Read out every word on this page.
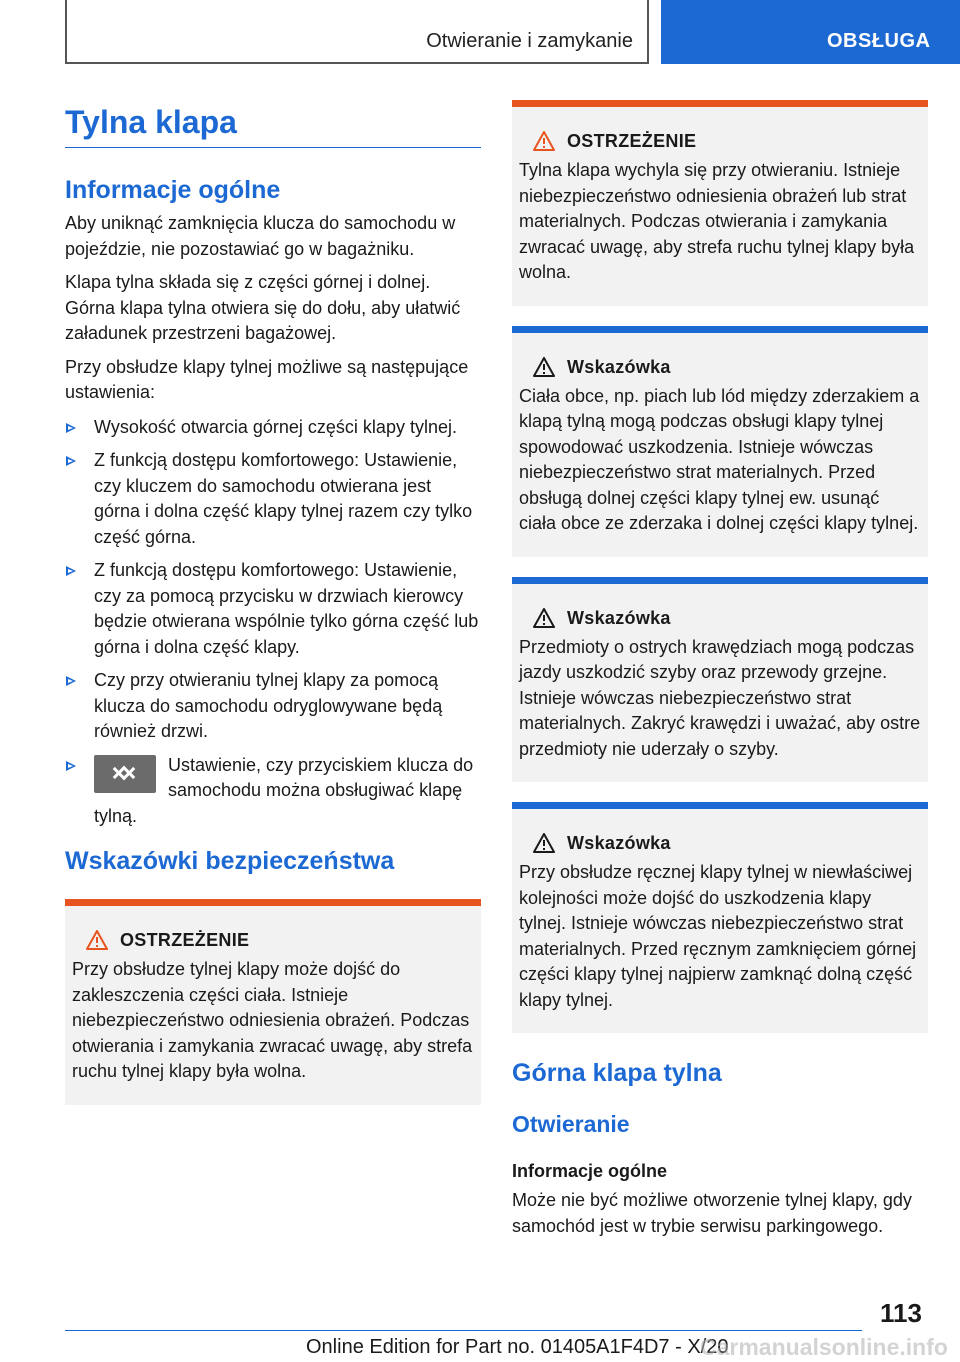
Otwieranie i zamykanie	OBSŁUGA
Tylna klapa
Informacje ogólne

Aby uniknąć zamknięcia klucza do samochodu w pojeździe, nie pozostawiać go w bagażniku.

Klapa tylna składa się z części górnej i dolnej. Górna klapa tylna otwiera się do dołu, aby ułatwić załadunek przestrzeni bagażowej.

Przy obsłudze klapy tylnej możliwe są następujące ustawienia:

Wysokość otwarcia górnej części klapy tylnej.
Z funkcją dostępu komfortowego: Ustawienie, czy kluczem do samochodu otwierana jest górna i dolna część klapy tylnej razem czy tylko część górna.
Z funkcją dostępu komfortowego: Ustawienie, czy za pomocą przycisku w drzwiach kierowcy będzie otwierana wspólnie tylko górna część lub górna i dolna część klapy.
Czy przy otwieraniu tylnej klapy za pomocą klucza do samochodu odryglowywane będą również drzwi.
Ustawienie, czy przyciskiem klucza do samochodu można obsługiwać klapę tylną.
Wskazówki bezpieczeństwa
OSTRZEŻENIE

Przy obsłudze tylnej klapy może dojść do zakleszczenia części ciała. Istnieje niebezpieczeństwo odniesienia obrażeń. Podczas otwierania i zamykania zwracać uwagę, aby strefa ruchu tylnej klapy była wolna.

OSTRZEŻENIE

Tylna klapa wychyla się przy otwieraniu. Istnieje niebezpieczeństwo odniesienia obrażeń lub strat materialnych. Podczas otwierania i zamykania zwracać uwagę, aby strefa ruchu tylnej klapy była wolna.

Wskazówka

Ciała obce, np. piach lub lód między zderzakiem a klapą tylną mogą podczas obsługi klapy tylnej spowodować uszkodzenia. Istnieje wówczas niebezpieczeństwo strat materialnych. Przed obsługą dolnej części klapy tylnej ew. usunąć ciała obce ze zderzaka i dolnej części klapy tylnej.

Wskazówka

Przedmioty o ostrych krawędziach mogą podczas jazdy uszkodzić szyby oraz przewody grzejne. Istnieje wówczas niebezpieczeństwo strat materialnych. Zakryć krawędzi i uważać, aby ostre przedmioty nie uderzały o szyby.

Wskazówka

Przy obsłudze ręcznej klapy tylnej w niewłaściwej kolejności może dojść do uszkodzenia klapy tylnej. Istnieje wówczas niebezpieczeństwo strat materialnych. Przed ręcznym zamknięciem górnej części klapy tylnej najpierw zamknąć dolną część klapy tylnej.

Górna klapa tylna
Otwieranie
Informacje ogólne

Może nie być możliwe otworzenie tylnej klapy, gdy samochód jest w trybie serwisu parkingowego.

113
Online Edition for Part no. 01405A1F4D7 - X/20
Carmanualsonline.info
